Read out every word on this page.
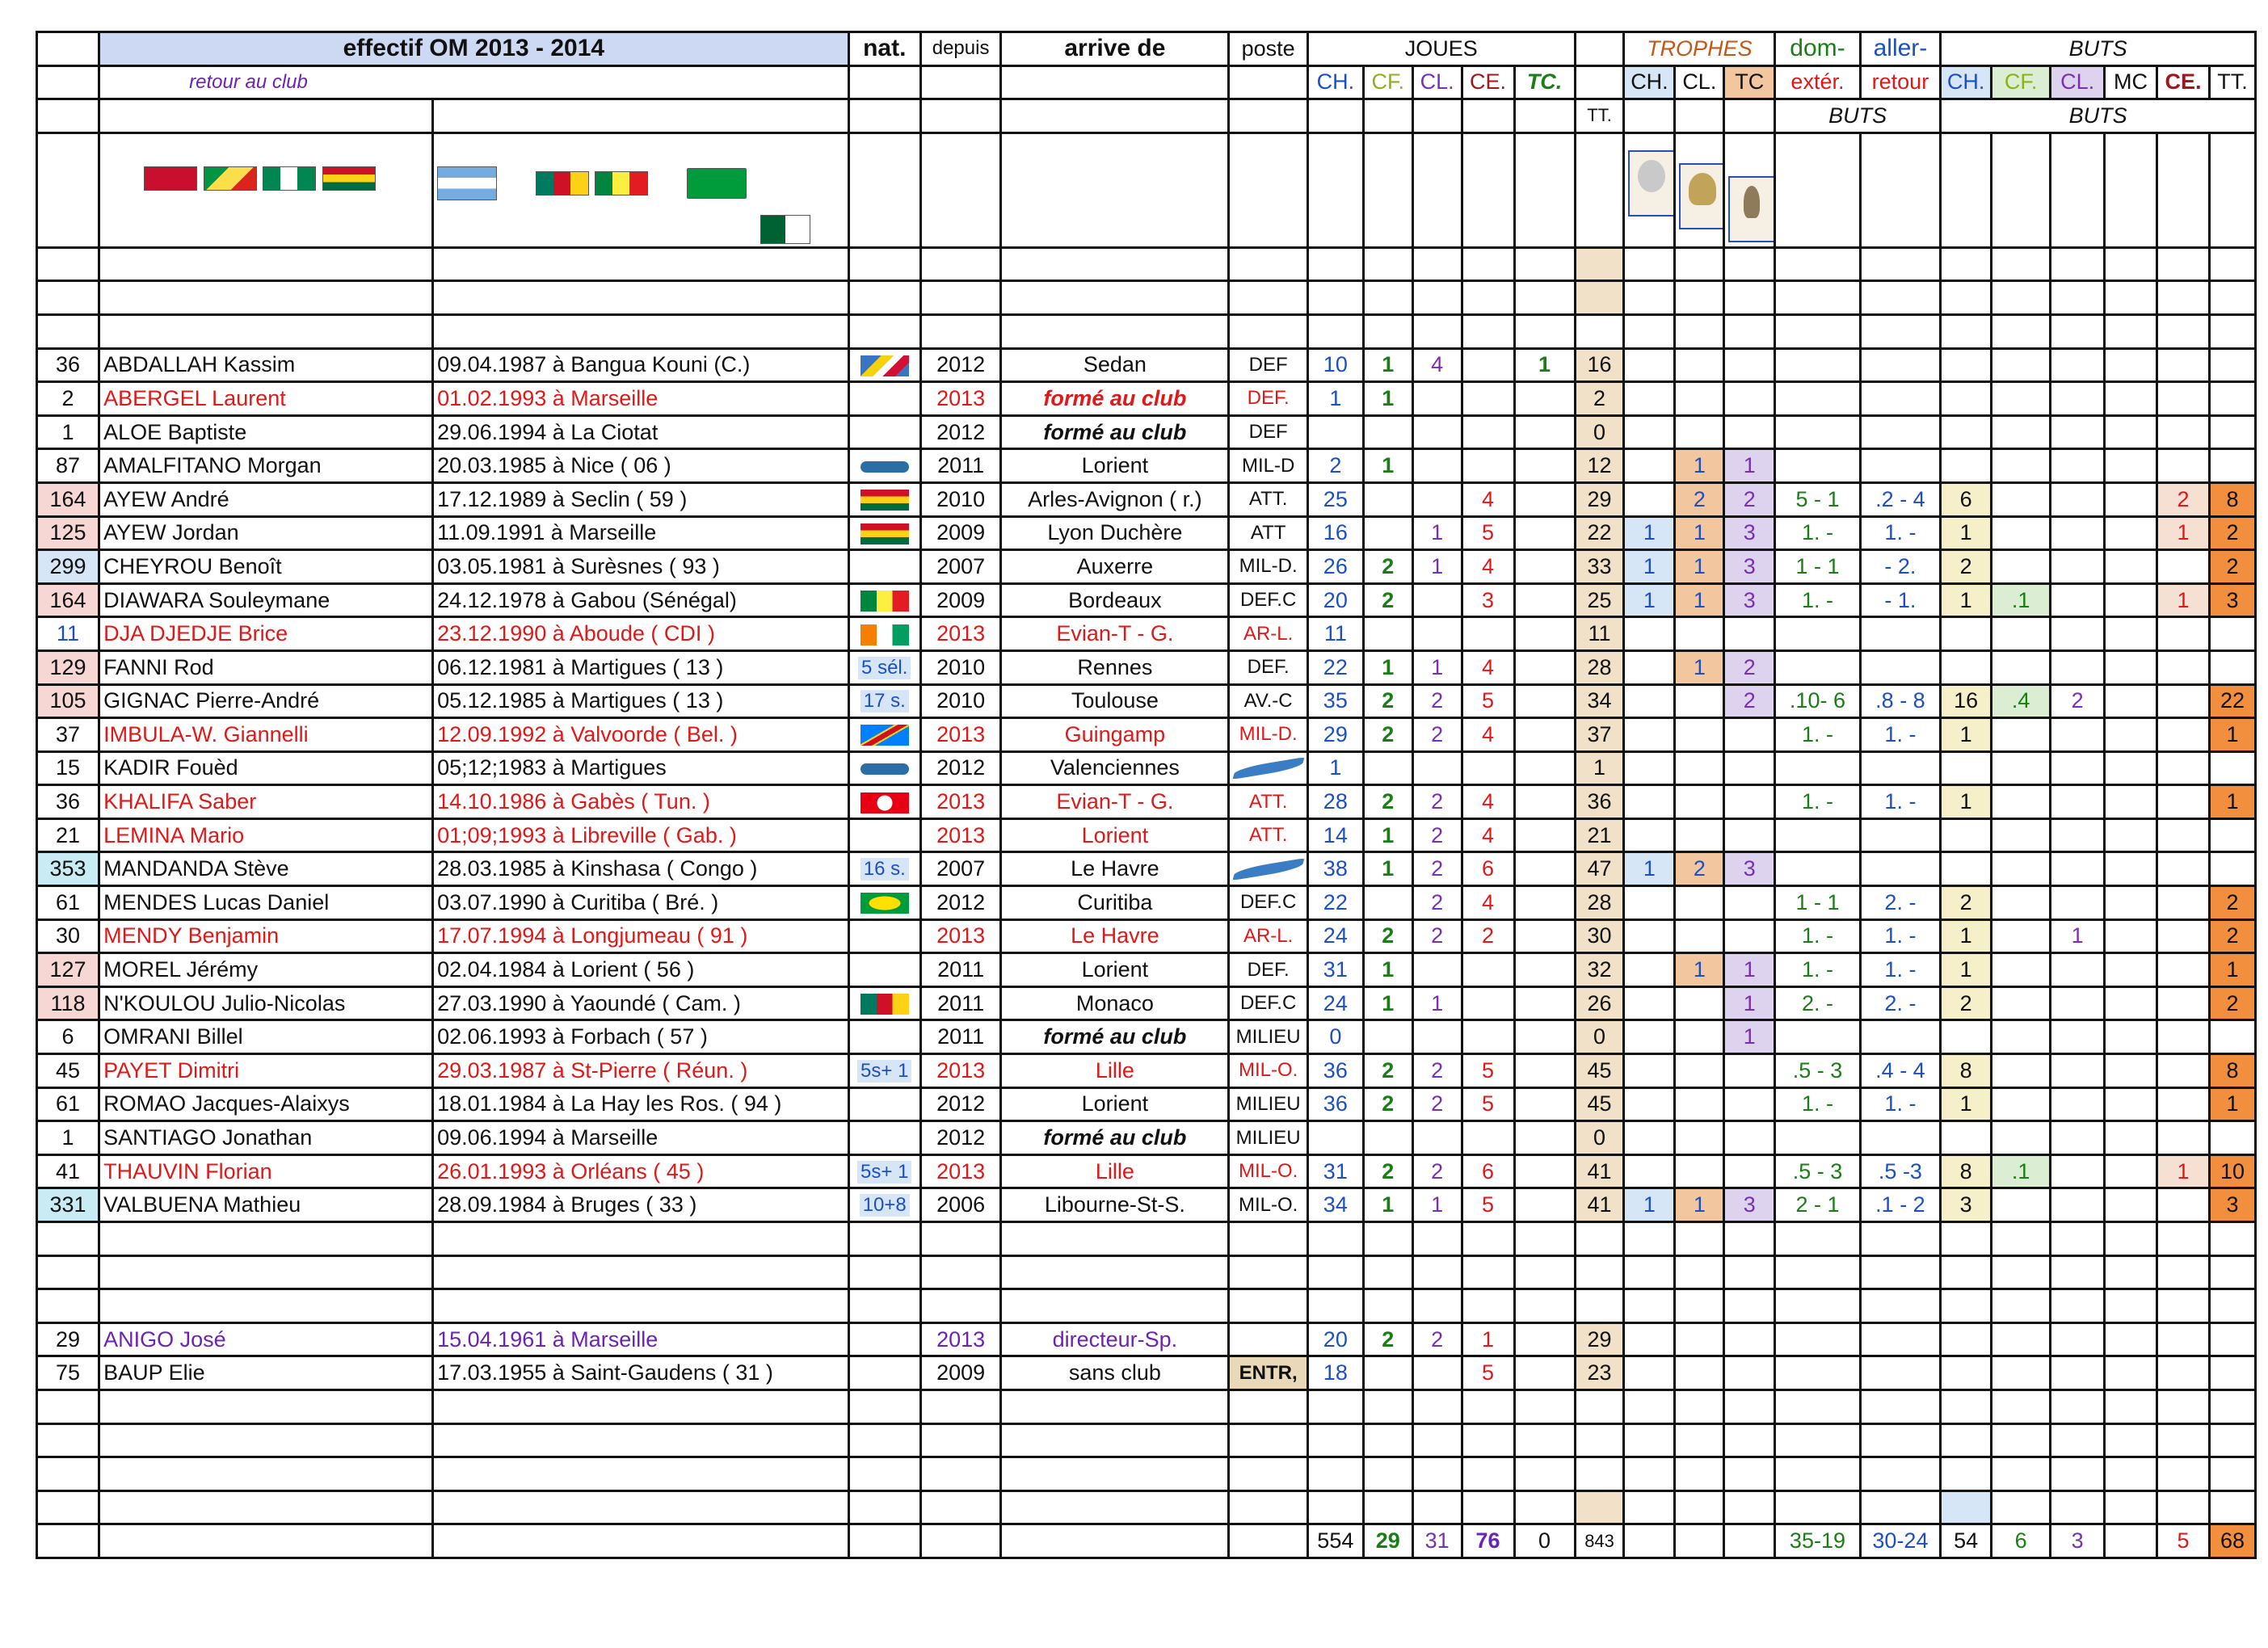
	effectif OM 2013 - 2014		nat.	depuis	arrive de	poste	JOUES						TROPHES			dom-	aller-	BUTS					
	retour au club						CH.	CF.	CL.	CE.	TC.		CH.	CL.	TC	extér.	retour	CH.	CF.	CL.	MC	CE.	TT.
												TT.				BUTS		BUTS					

36	ABDALLAH Kassim	09.04.1987 à Bangua Kouni (C.)		2012	Sedan	DEF	10	1	4		1	16											
2	ABERGEL Laurent	01.02.1993 à Marseille		2013	formé au club	DEF.	1	1				2											
1	ALOE Baptiste	29.06.1994 à La Ciotat		2012	formé au club	DEF						0											
87	AMALFITANO Morgan	20.03.1985 à Nice ( 06 )		2011	Lorient	MIL-D	2	1				12		1	1								
164	AYEW André	17.12.1989 à Seclin ( 59 )		2010	Arles-Avignon ( r.)	ATT.	25			4		29		2	2	5 - 1	.2 - 4	6				2	8
125	AYEW Jordan	11.09.1991 à Marseille		2009	Lyon Duchère	ATT	16		1	5		22	1	1	3	1. -	1. -	1				1	2
299	CHEYROU Benoît	03.05.1981 à Surèsnes ( 93 )		2007	Auxerre	MIL-D.	26	2	1	4		33	1	1	3	1 - 1	- 2.	2					2
164	DIAWARA Souleymane	24.12.1978 à Gabou (Sénégal)		2009	Bordeaux	DEF.C	20	2		3		25	1	1	3	1. -	- 1.	1	.1			1	3
11	DJA DJEDJE Brice	23.12.1990 à Aboude ( CDI )		2013	Evian-T - G.	AR-L.	11					11											
129	FANNI Rod	06.12.1981 à Martigues ( 13 )	5 sél.	2010	Rennes	DEF.	22	1	1	4		28		1	2								
105	GIGNAC Pierre-André	05.12.1985 à Martigues ( 13 )	17 s.	2010	Toulouse	AV.-C	35	2	2	5		34			2	.10- 6	.8 - 8	16	.4	2			22
37	IMBULA-W. Giannelli	12.09.1992 à Valvoorde ( Bel. )		2013	Guingamp	MIL-D.	29	2	2	4		37				1. -	1. -	1					1
15	KADIR Fouèd	05;12;1983 à Martigues		2012	Valenciennes		1					1											
36	KHALIFA Saber	14.10.1986 à Gabès ( Tun. )		2013	Evian-T - G.	ATT.	28	2	2	4		36				1. -	1. -	1					1
21	LEMINA Mario	01;09;1993 à Libreville ( Gab. )		2013	Lorient	ATT.	14	1	2	4		21											
353	MANDANDA Stève	28.03.1985 à Kinshasa ( Congo )	16 s.	2007	Le Havre		38	1	2	6		47	1	2	3								
61	MENDES Lucas Daniel	03.07.1990 à Curitiba ( Bré. )		2012	Curitiba	DEF.C	22		2	4		28				1 - 1	2. -	2					2
30	MENDY Benjamin	17.07.1994 à Longjumeau ( 91 )		2013	Le Havre	AR-L.	24	2	2	2		30				1. -	1. -	1		1			2
127	MOREL Jérémy	02.04.1984 à Lorient ( 56 )		2011	Lorient	DEF.	31	1				32		1	1	1. -	1. -	1					1
118	N'KOULOU Julio-Nicolas	27.03.1990 à Yaoundé ( Cam. )		2011	Monaco	DEF.C	24	1	1			26			1	2. -	2. -	2					2
6	OMRANI Billel	02.06.1993 à Forbach ( 57 )		2011	formé au club	MILIEU	0					0			1								
45	PAYET Dimitri	29.03.1987 à St-Pierre ( Réun. )	5s+ 1	2013	Lille	MIL-O.	36	2	2	5		45				.5 - 3	.4 - 4	8					8
61	ROMAO Jacques-Alaixys	18.01.1984 à La Hay les Ros. ( 94 )		2012	Lorient	MILIEU	36	2	2	5		45				1. -	1. -	1					1
1	SANTIAGO Jonathan	09.06.1994 à Marseille		2012	formé au club	MILIEU						0											
41	THAUVIN Florian	26.01.1993 à Orléans ( 45 )	5s+ 1	2013	Lille	MIL-O.	31	2	2	6		41				.5 - 3	.5 -3	8	.1			1	10
331	VALBUENA Mathieu	28.09.1984 à Bruges ( 33 )	10+8	2006	Libourne-St-S.	MIL-O.	34	1	1	5		41	1	1	3	2 - 1	.1 - 2	3					3

29	ANIGO José	15.04.1961 à Marseille		2013	directeur-Sp.		20	2	2	1		29											
75	BAUP Elie	17.03.1955 à Saint-Gaudens ( 31 )		2009	sans club	ENTR,	18			5		23											

							554	29	31	76	0	843				35-19	30-24	54	6	3		5	68
